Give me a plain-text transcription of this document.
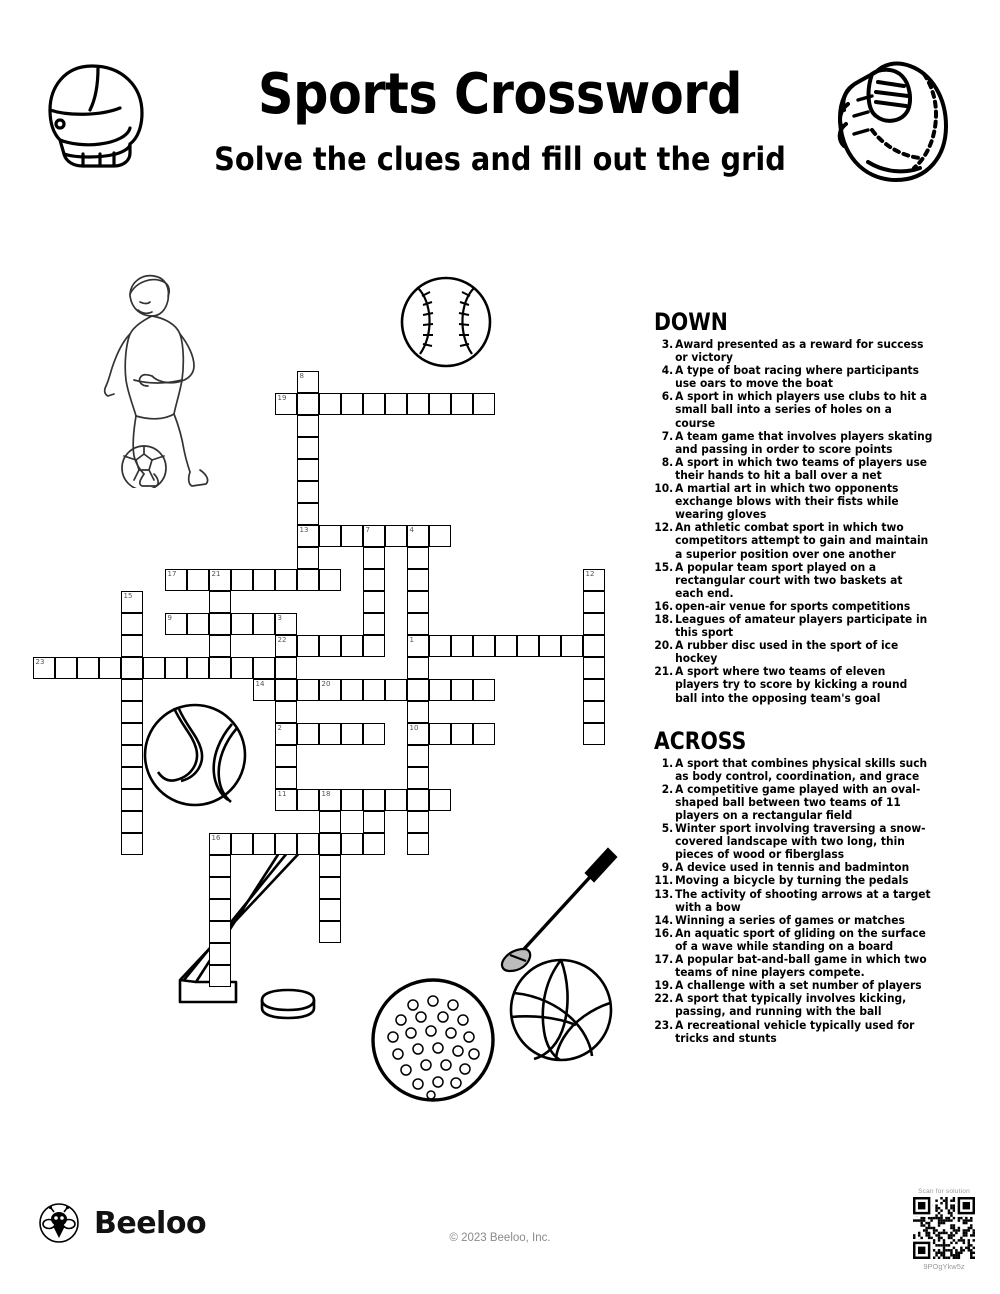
Sports Crossword
Solve the clues and fill out the grid
8
19
13	7	4
17	21	12
15
9	3
22	1
23
14	20
2	10
11	18
16
DOWN
3. Award presented as a reward for success or victory
4. A type of boat racing where participants use oars to move the boat
6. A sport in which players use clubs to hit a small ball into a series of holes on a course
7. A team game that involves players skating and passing in order to score points
8. A sport in which two teams of players use their hands to hit a ball over a net
10. A martial art in which two opponents exchange blows with their fists while wearing gloves
12. An athletic combat sport in which two competitors attempt to gain and maintain a superior position over one another
15. A popular team sport played on a rectangular court with two baskets at each end.
16. open-air venue for sports competitions
18. Leagues of amateur players participate in this sport
20. A rubber disc used in the sport of ice hockey
21. A sport where two teams of eleven players try to score by kicking a round ball into the opposing team's goal
ACROSS
1. A sport that combines physical skills such as body control, coordination, and grace
2. A competitive game played with an oval-shaped ball between two teams of 11 players on a rectangular field
5. Winter sport involving traversing a snow-covered landscape with two long, thin pieces of wood or fiberglass
9. A device used in tennis and badminton
11. Moving a bicycle by turning the pedals
13. The activity of shooting arrows at a target with a bow
14. Winning a series of games or matches
16. An aquatic sport of gliding on the surface of a wave while standing on a board
17. A popular bat-and-ball game in which two teams of nine players compete.
19. A challenge with a set number of players
22. A sport that typically involves kicking, passing, and running with the ball
23. A recreational vehicle typically used for tricks and stunts
Beeloo	© 2023 Beeloo, Inc.
Scan for solution
9POgYkw5z
